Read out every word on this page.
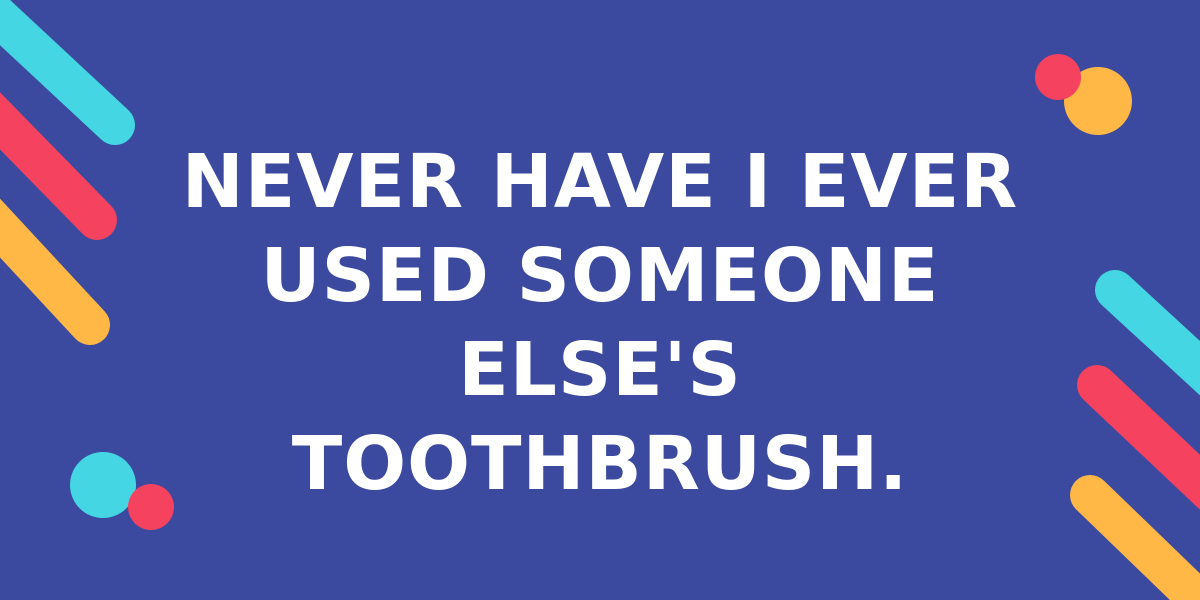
NEVER HAVE I EVER
USED SOMEONE
ELSE'S
TOOTHBRUSH.
